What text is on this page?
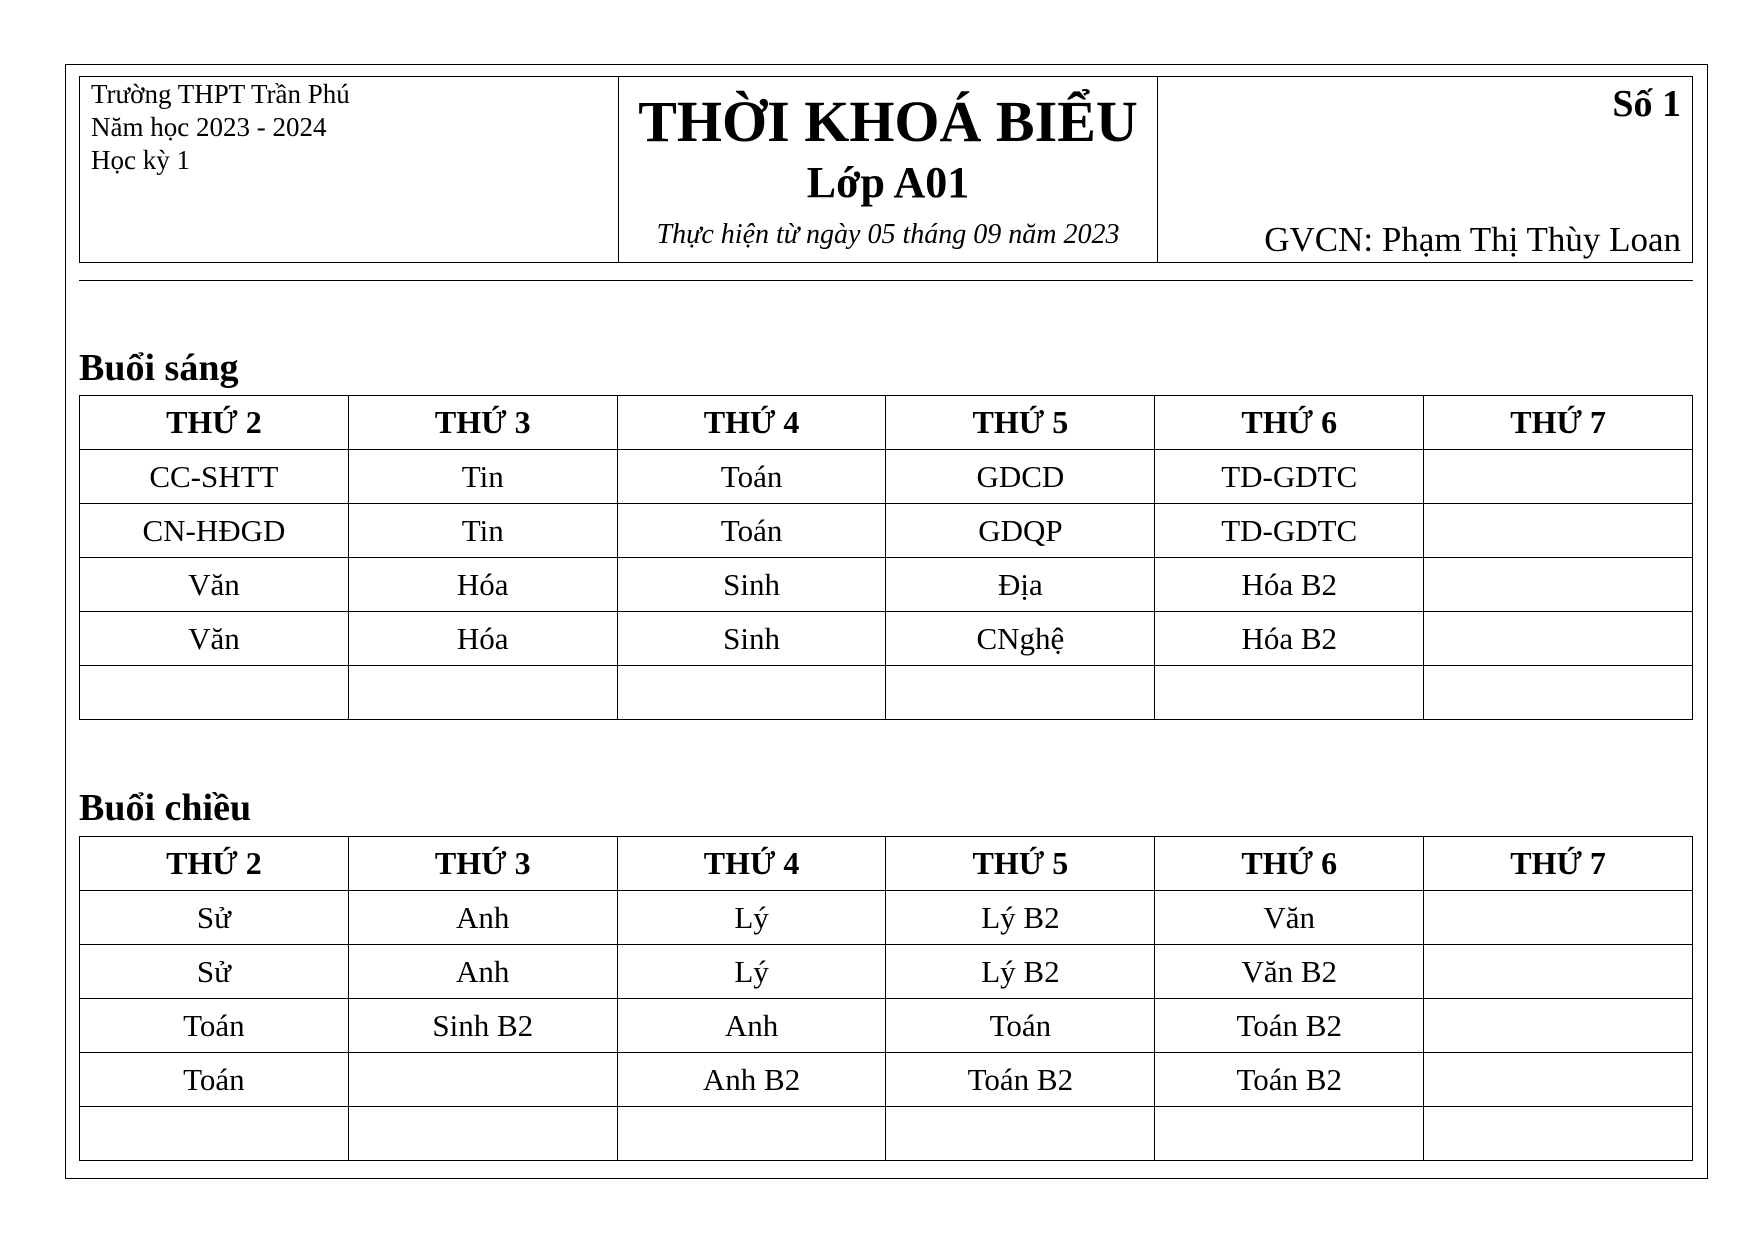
Trường THPT Trần Phú
Năm học 2023 - 2024
Học kỳ 1
THỜI KHOÁ BIỂU
Lớp A01
Thực hiện từ ngày 05 tháng 09 năm 2023
Số 1
GVCN: Phạm Thị Thùy Loan
Buổi sáng
THỨ 2	THỨ 3	THỨ 4	THỨ 5	THỨ 6	THỨ 7
CC-SHTT	Tin	Toán	GDCD	TD-GDTC	
CN-HĐGD	Tin	Toán	GDQP	TD-GDTC	
Văn	Hóa	Sinh	Địa	Hóa B2	
Văn	Hóa	Sinh	CNghệ	Hóa B2	

Buổi chiều
THỨ 2	THỨ 3	THỨ 4	THỨ 5	THỨ 6	THỨ 7
Sử	Anh	Lý	Lý B2	Văn	
Sử	Anh	Lý	Lý B2	Văn B2	
Toán	Sinh B2	Anh	Toán	Toán B2	
Toán		Anh B2	Toán B2	Toán B2	
